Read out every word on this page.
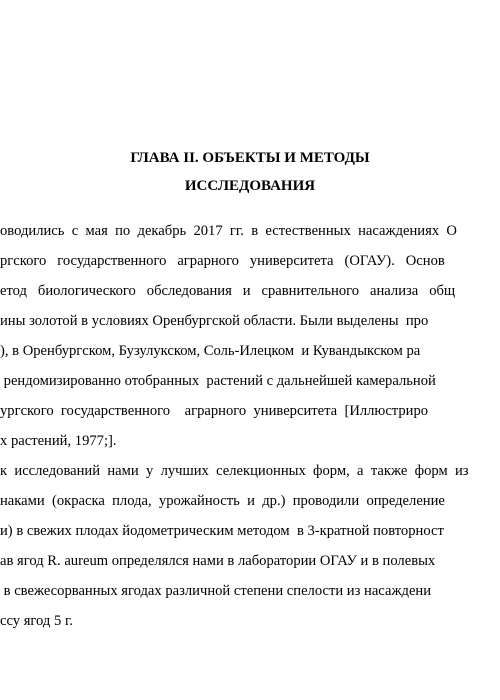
ГЛАВА II. ОБЪЕКТЫ И МЕТОДЫ
ИССЛЕДОВАНИЯ
оводились  с  мая  по  декабрь  2017  гг.  в  естественных  насаждениях  О
ргского   государственного   аграрного   университета   (ОГАУ).   Основ
етод   биологического   обследования   и   сравнительного   анализа   общ
ины золотой в условиях Оренбургской области. Были выделены  про
), в Оренбургском, Бузулукском, Соль-Илецком  и Кувандыкском ра
рендомизированно отобранных  растений с дальнейшей камеральной
ургского  государственного    аграрного  университета  [Иллюстриро
х растений, 1977;].
к  исследований  нами  у  лучших  селекционных  форм,  а  также  форм  из
наками  (окраска  плода,  урожайность  и  др.)  проводили  определение
и) в свежих плодах йодометрическим методом  в 3-кратной повторност
ав ягод R. aureum определялся нами в лаборатории ОГАУ и в полевых
в свежесорванных ягодах различной степени спелости из насаждени
ссу ягод 5 г.
